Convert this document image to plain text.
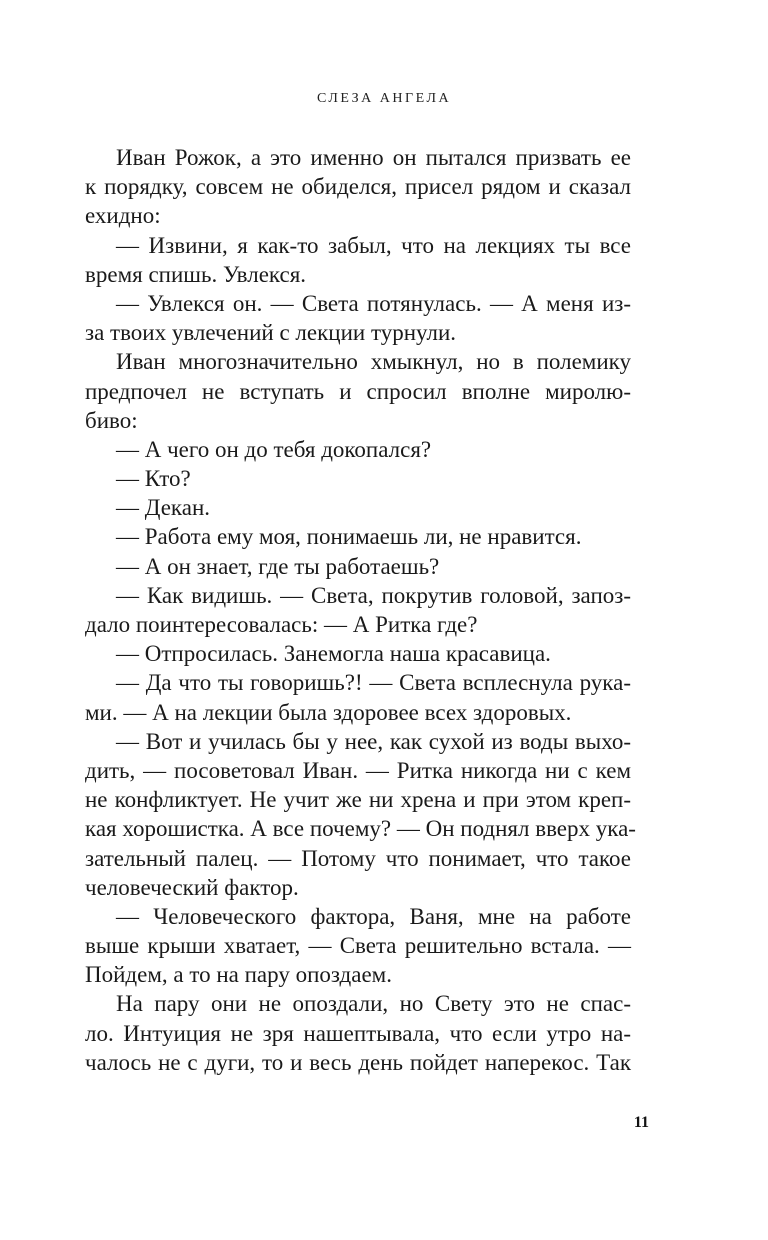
СЛЕЗА АНГЕЛА
Иван Рожок, а это именно он пытался призвать ее
к порядку, совсем не обиделся, присел рядом и сказал
ехидно:
— Извини, я как-то забыл, что на лекциях ты все
время спишь. Увлекся.
— Увлекся он. — Света потянулась. — А меня из-
за твоих увлечений с лекции турнули.
Иван многозначительно хмыкнул, но в полемику
предпочел не вступать и спросил вполне миролю-
биво:
— А чего он до тебя докопался?
— Кто?
— Декан.
— Работа ему моя, понимаешь ли, не нравится.
— А он знает, где ты работаешь?
— Как видишь. — Света, покрутив головой, запоз-
дало поинтересовалась: — А Ритка где?
— Отпросилась. Занемогла наша красавица.
— Да что ты говоришь?! — Света всплеснула рука-
ми. — А на лекции была здоровее всех здоровых.
— Вот и училась бы у нее, как сухой из воды выхо-
дить, — посоветовал Иван. — Ритка никогда ни с кем
не конфликтует. Не учит же ни хрена и при этом креп-
кая хорошистка. А все почему? — Он поднял вверх ука-
зательный палец. — Потому что понимает, что такое
человеческий фактор.
— Человеческого фактора, Ваня, мне на работе
выше крыши хватает, — Света решительно встала. —
Пойдем, а то на пару опоздаем.
На пару они не опоздали, но Свету это не спас-
ло. Интуиция не зря нашептывала, что если утро на-
чалось не с дуги, то и весь день пойдет наперекос. Так
11
